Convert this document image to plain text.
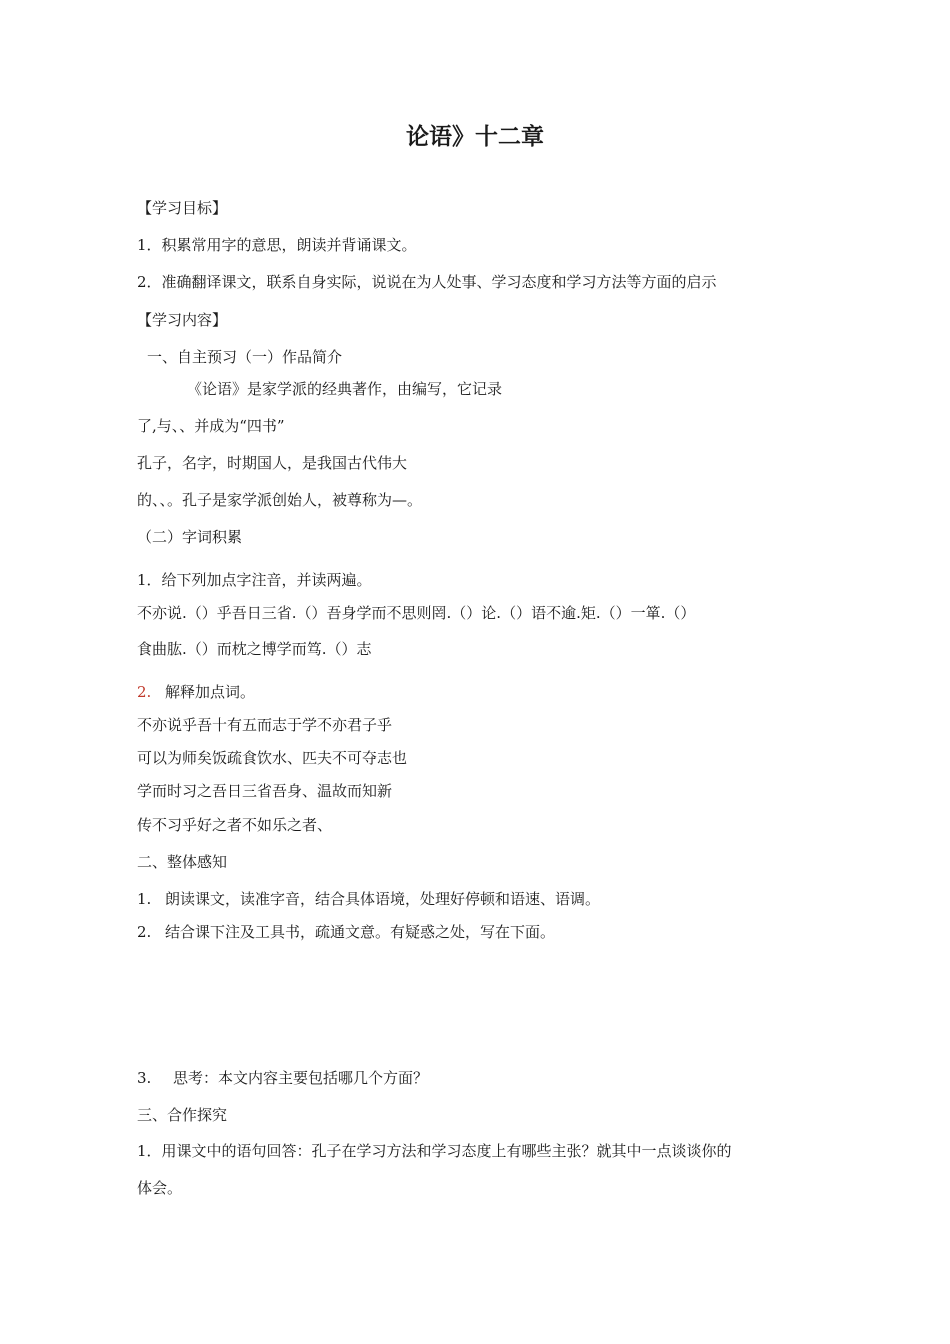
论语》十二章
【学习目标】
1．积累常用字的意思，朗读并背诵课文。
2．准确翻译课文，联系自身实际，说说在为人处事、学习态度和学习方法等方面的启示
【学习内容】
一、自主预习（一）作品简介
《论语》是家学派的经典著作，由编写，它记录
了,与、、并成为“四书”
孔子，名字，时期国人，是我国古代伟大
的、、。孔子是家学派创始人，被尊称为—。
（二）字词积累
1．给下列加点字注音，并读两遍。
不亦说.（）乎吾日三省.（）吾身学而不思则罔.（）论.（）语不逾.矩.（）一箪.（）
食曲肱.（）而枕之博学而笃.（）志
2. 解释加点词。
不亦说乎吾十有五而志于学不亦君子乎
可以为师矣饭疏食饮水、匹夫不可夺志也
学而时习之吾日三省吾身、温故而知新
传不习乎好之者不如乐之者、
二、整体感知
1. 朗读课文，读准字音，结合具体语境，处理好停顿和语速、语调。
2. 结合课下注及工具书，疏通文意。有疑惑之处，写在下面。
3. 思考：本文内容主要包括哪几个方面？
三、合作探究
1．用课文中的语句回答：孔子在学习方法和学习态度上有哪些主张？就其中一点谈谈你的
体会。
